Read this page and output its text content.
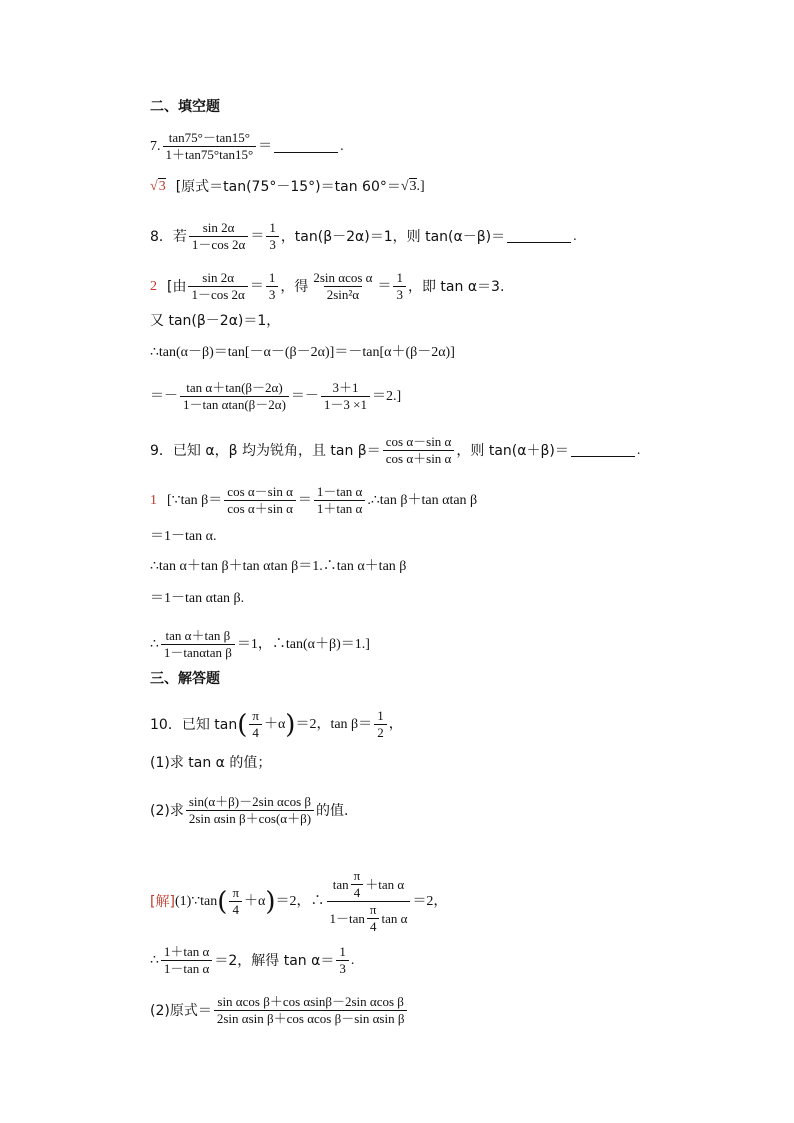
二、填空题
7. $\frac{\tan 75^\circ-\tan 15^\circ}{1+\tan 75^\circ\tan 15^\circ}$ ＝	.
√3 [原式＝tan(75°－15°)＝tan 60°＝ √3 .]
8．若 $\frac{\sin 2\alpha}{1-\cos 2\alpha} = \frac{1}{3}$ ，tan(β－2α)＝1，则 tan(α－β)＝	.
2 [由 $\frac{\sin 2\alpha}{1-\cos 2\alpha} = \frac{1}{3}$ ，得 $\frac{\text{2sin αcos α}}{\text{2sin²α}} = \frac{1}{3}$ ，即 tan α＝3.
又 tan(β－2α)＝1，
∴tan(α－β)＝tan[－α－(β－2α)]＝－tan[α＋(β－2α)]
＝－ $\frac{\text{tan α＋tan(β－2α)}}{\text{1－tan αtan(β－2α)}} =- \frac{3+1}{1-3 \times 1} =2$.]
9．已知 α，β 均为锐角，且 $\tan \beta= \frac{\text{cos α－sin α}}{\text{cos α＋sin α}}$ ，则 tan(α＋β)＝	.
1 [∵tan $\beta= \frac{\text{cos α－sin α}}{\text{cos α＋sin α}} = \frac{\text{1－tan α}}{\text{1＋tan α}}$ .∴tan β＋tan αtan β
＝1－tan α.
∴tan α＋tan β＋tan αtan β＝1.∴tan α＋tan β
＝1－tan αtan β.
∴ $\frac{\text{tan α＋tan β}}{\text{1－tanαtan β}} =1$，∴tan(α＋β)＝1.]
三、解答题
10．已知 tan ( $\frac{\pi}{4} +\alpha$ ) ＝2，$\tan \beta= \frac{1}{2}$ ，
(1)求 tan α 的值；
(2)求 $\frac{\text{sin(α＋β)－2sin αcos β}}{\text{2sin αsin β＋cos(α＋β)}}$ 的值.
[解] (1)∵tan ( $\frac{\pi}{4} +\alpha$ ) ＝2，∴
$\tan \frac{\pi}{4} +\tan$ α
$1-\tan \frac{\pi}{4}$ tan α
＝2，
∴ $\frac{\text{1＋tan α}}{\text{1－tan α}} =2$，解得 $\tan \alpha= \frac{1}{3}$ .
(2)原式＝ $\frac{\text{sin αcos β＋cos αsinβ－2sin αcos β}}{\text{2sin αsin β＋cos αcos β－sin αsin β}}$
